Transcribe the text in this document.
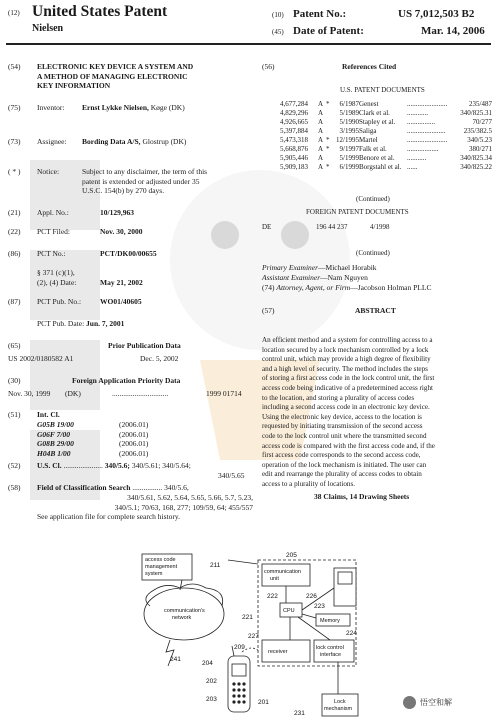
(12) United States Patent
Nielsen
(10) Patent No.:	US 7,012,503 B2
(45) Date of Patent:	Mar. 14, 2006
(54) ELECTRONIC KEY DEVICE A SYSTEM AND
A METHOD OF MANAGING ELECTRONIC
KEY INFORMATION
(75) Inventor: Ernst Lykke Nielsen, Køge (DK)
(73) Assignee: Bording Data A/S, Glostrup (DK)
( * ) Notice:	Subject to any disclaimer, the term of this
patent is extended or adjusted under 35
U.S.C. 154(b) by 270 days.
(21) Appl. No.:	10/129,963
(22) PCT Filed:	Nov. 30, 2000
(86) PCT No.:	PCT/DK00/00655
§ 371 (c)(1),
(2), (4) Date:	May 21, 2002
(87) PCT Pub. No.:	WO01/40605
PCT Pub. Date: Jun. 7, 2001
(65)	Prior Publication Data
US 2002/0180582 A1	Dec. 5, 2002
(30)	Foreign Application Priority Data
Nov. 30, 1999 (DK)	..............................	1999 01714
(51) Int. Cl.
G05B 19/00	(2006.01)
G06F 7/00	(2006.01)
G08B 29/00	(2006.01)
H04B 1/00	(2006.01)
(52) U.S. Cl. ..................... 340/5.6; 340/5.61; 340/5.64;
340/5.65
(58) Field of Classification Search ................ 340/5.6,
340/5.61, 5.62, 5.64, 5.65, 5.66, 5.7, 5.23,
340/5.1; 70/63, 168, 277; 109/59, 64; 455/557
See application file for complete search history.
(56)	References Cited
U.S. PATENT DOCUMENTS
4,677,284	A *	6/1987 Genest	.......................	235/487
4,829,296	A	5/1989 Clark et al.	............	340/825.31
4,926,665	A	5/1990 Stapley et al.	................	70/277
5,397,884	A	3/1995 Saliga	......................	235/382.5
5,473,318	A * 12/1995 Martel	.......................	340/5.23
5,668,876	A *	9/1997 Falk et al.	..................	380/271
5,905,446	A	5/1999 Benore et al.	...........	340/825.34
5,909,183	A *	6/1999 Borgstahl et al. ......	340/825.22
(Continued)
FOREIGN PATENT DOCUMENTS
DE	196 44 237	4/1998
(Continued)
Primary Examiner—Michael Horabik
Assistant Examiner—Nam Nguyen
(74) Attorney, Agent, or Firm—Jacobson Holman PLLC
(57)	ABSTRACT
An efficient method and a system for controlling access to a
location secured by a lock mechanism controlled by a lock
control unit, which may provide a high degree of flexibility
and a high level of security. The method includes the steps
of storing a first access code in the lock control unit, the first
access code being indicative of a predetermined access right
to the location, and storing a plurality of access codes
including a second access code in an electronic key device.
Using the electronic key device, access to the location is
requested by initiating transmission of the second access
code to the lock control unit where the transmitted second
access code is compared with the first access code and, if the
first access code corresponds to the second access code,
operation of the lock mechanism is initiated. The user can
edit and rearrange the plurality of access codes to obtain
access to a plurality of locations.
38 Claims, 14 Drawing Sheets
access code
management
system
communication's
network
communication
unit
CPU
Memory
receiver
lock control
interface
Lock
mechanism
205
211
222	226
223
221
224
227
209
241
204
202
203	201
231
悟空和解
